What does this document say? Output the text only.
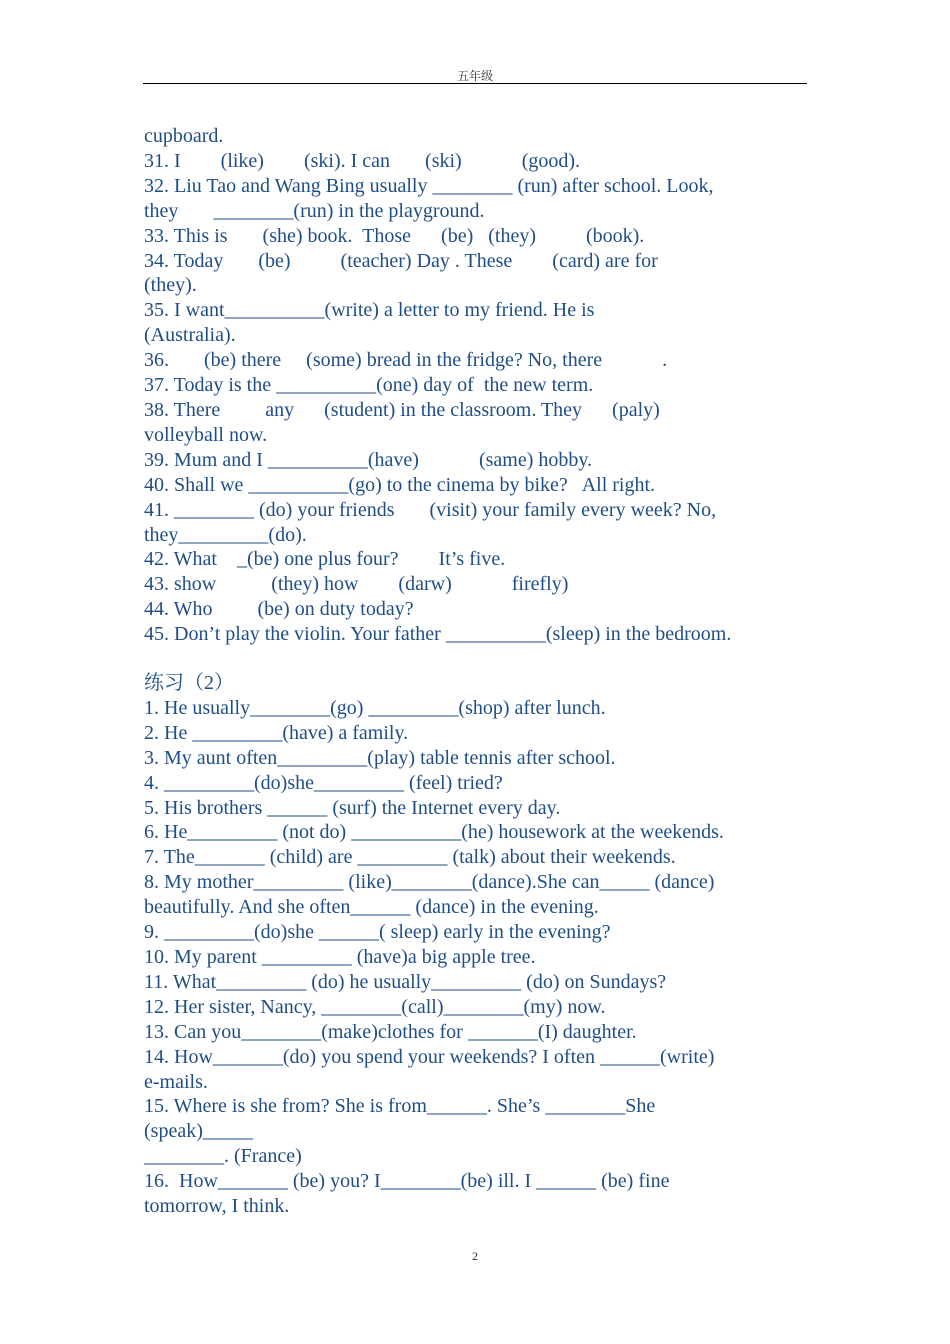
五年级
cupboard.
31. I        (like)        (ski). I can       (ski)            (good).
32. Liu Tao and Wang Bing usually ________ (run) after school. Look,
they       ________(run) in the playground.
33. This is       (she) book.  Those      (be)   (they)          (book).
34. Today       (be)          (teacher) Day . These        (card) are for
(they).
35. I want__________(write) a letter to my friend. He is
(Australia).
36.       (be) there     (some) bread in the fridge? No, there            .
37. Today is the __________(one) day of  the new term.
38. There         any      (student) in the classroom. They      (paly)
volleyball now.
39. Mum and I __________(have)            (same) hobby.
40. Shall we __________(go) to the cinema by bike?   All right.
41. ________ (do) your friends       (visit) your family every week? No,
they_________(do).
42. What    _(be) one plus four?        It’s five.
43. show           (they) how        (darw)            firefly)
44. Who         (be) on duty today?
45. Don’t play the violin. Your father __________(sleep) in the bedroom.
练习（2）
1. He usually________(go) _________(shop) after lunch.
2. He _________(have) a family.
3. My aunt often_________(play) table tennis after school.
4. _________(do)she_________ (feel) tried?
5. His brothers ______ (surf) the Internet every day.
6. He_________ (not do) ___________(he) housework at the weekends.
7. The_______ (child) are _________ (talk) about their weekends.
8. My mother_________ (like)________(dance).She can_____ (dance)
beautifully. And she often______ (dance) in the evening.
9. _________(do)she ______( sleep) early in the evening?
10. My parent _________ (have)a big apple tree.
11. What_________ (do) he usually_________ (do) on Sundays?
12. Her sister, Nancy, ________(call)________(my) now.
13. Can you________(make)clothes for _______(I) daughter.
14. How_______(do) you spend your weekends? I often ______(write)
e-mails.
15. Where is she from? She is from______. She’s ________She
(speak)_____
________. (France)
16.  How_______ (be) you? I________(be) ill. I ______ (be) fine
tomorrow, I think.
2
